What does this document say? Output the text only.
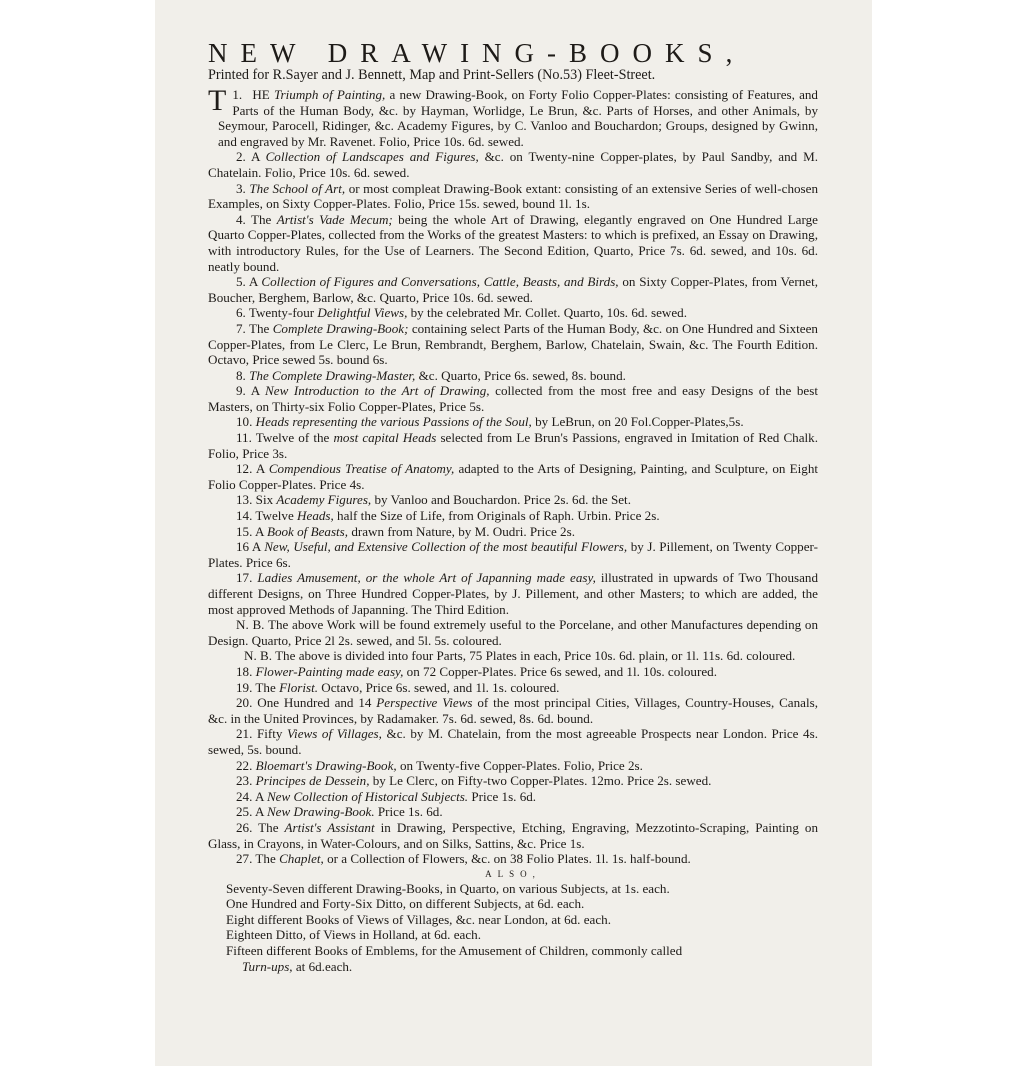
NEW DRAWING-BOOKS,
Printed for R.Sayer and J. Bennett, Map and Print-Sellers (No.53) Fleet-Street.

1.
T HE Triumph of Painting, a new Drawing-Book, on Forty Folio Copper-Plates: consisting of Features, and Parts of the Human Body, &c. by Hayman, Worlidge, Le Brun, &c. Parts of Horses, and other Animals, by Seymour, Parocell, Ridinger, &c. Academy Figures, by C. Vanloo and Bouchardon; Groups, designed by Gwinn, and engraved by Mr. Ravenet. Folio, Price 10s. 6d. sewed.

2. A Collection of Landscapes and Figures, &c. on Twenty-nine Copper-plates, by Paul Sandby, and M. Chatelain. Folio, Price 10s. 6d. sewed.

3. The School of Art, or most compleat Drawing-Book extant: consisting of an extensive Series of well-chosen Examples, on Sixty Copper-Plates. Folio, Price 15s. sewed, bound 1l. 1s.

4. The Artist's Vade Mecum; being the whole Art of Drawing, elegantly engraved on One Hundred Large Quarto Copper-Plates, collected from the Works of the greatest Masters: to which is prefixed, an Essay on Drawing, with introductory Rules, for the Use of Learners. The Second Edition, Quarto, Price 7s. 6d. sewed, and 10s. 6d. neatly bound.

5. A Collection of Figures and Conversations, Cattle, Beasts, and Birds, on Sixty Copper-Plates, from Vernet, Boucher, Berghem, Barlow, &c. Quarto, Price 10s. 6d. sewed.

6. Twenty-four Delightful Views, by the celebrated Mr. Collet. Quarto, 10s. 6d. sewed.

7. The Complete Drawing-Book; containing select Parts of the Human Body, &c. on One Hundred and Sixteen Copper-Plates, from Le Clerc, Le Brun, Rembrandt, Berghem, Barlow, Chatelain, Swain, &c. The Fourth Edition. Octavo, Price sewed 5s. bound 6s.

8. The Complete Drawing-Master, &c. Quarto, Price 6s. sewed, 8s. bound.

9. A New Introduction to the Art of Drawing, collected from the most free and easy Designs of the best Masters, on Thirty-six Folio Copper-Plates, Price 5s.

10. Heads representing the various Passions of the Soul, by LeBrun, on 20 Fol.Copper-Plates,5s.

11. Twelve of the most capital Heads selected from Le Brun's Passions, engraved in Imitation of Red Chalk. Folio, Price 3s.

12. A Compendious Treatise of Anatomy, adapted to the Arts of Designing, Painting, and Sculpture, on Eight Folio Copper-Plates. Price 4s.

13. Six Academy Figures, by Vanloo and Bouchardon. Price 2s. 6d. the Set.

14. Twelve Heads, half the Size of Life, from Originals of Raph. Urbin. Price 2s.

15. A Book of Beasts, drawn from Nature, by M. Oudri. Price 2s.

16 A New, Useful, and Extensive Collection of the most beautiful Flowers, by J. Pillement, on Twenty Copper-Plates. Price 6s.

17. Ladies Amusement, or the whole Art of Japanning made easy, illustrated in upwards of Two Thousand different Designs, on Three Hundred Copper-Plates, by J. Pillement, and other Masters; to which are added, the most approved Methods of Japanning. The Third Edition.

N. B. The above Work will be found extremely useful to the Porcelane, and other Manufactures depending on Design. Quarto, Price 2l 2s. sewed, and 5l. 5s. coloured.

N. B. The above is divided into four Parts, 75 Plates in each, Price 10s. 6d. plain, or 1l. 11s. 6d. coloured.

18. Flower-Painting made easy, on 72 Copper-Plates. Price 6s sewed, and 1l. 10s. coloured.

19. The Florist. Octavo, Price 6s. sewed, and 1l. 1s. coloured.

20. One Hundred and 14 Perspective Views of the most principal Cities, Villages, Country-Houses, Canals, &c. in the United Provinces, by Radamaker. 7s. 6d. sewed, 8s. 6d. bound.

21. Fifty Views of Villages, &c. by M. Chatelain, from the most agreeable Prospects near London. Price 4s. sewed, 5s. bound.

22. Bloemart's Drawing-Book, on Twenty-five Copper-Plates. Folio, Price 2s.

23. Principes de Dessein, by Le Clerc, on Fifty-two Copper-Plates. 12mo. Price 2s. sewed.

24. A New Collection of Historical Subjects. Price 1s. 6d.

25. A New Drawing-Book. Price 1s. 6d.

26. The Artist's Assistant in Drawing, Perspective, Etching, Engraving, Mezzotinto-Scraping, Painting on Glass, in Crayons, in Water-Colours, and on Silks, Sattins, &c. Price 1s.

27. The Chaplet, or a Collection of Flowers, &c. on 38 Folio Plates. 1l. 1s. half-bound.

ALSO,

Seventy-Seven different Drawing-Books, in Quarto, on various Subjects, at 1s. each.

One Hundred and Forty-Six Ditto, on different Subjects, at 6d. each.

Eight different Books of Views of Villages, &c. near London, at 6d. each.

Eighteen Ditto, of Views in Holland, at 6d. each.

Fifteen different Books of Emblems, for the Amusement of Children, commonly called

Turn-ups, at 6d.each.
